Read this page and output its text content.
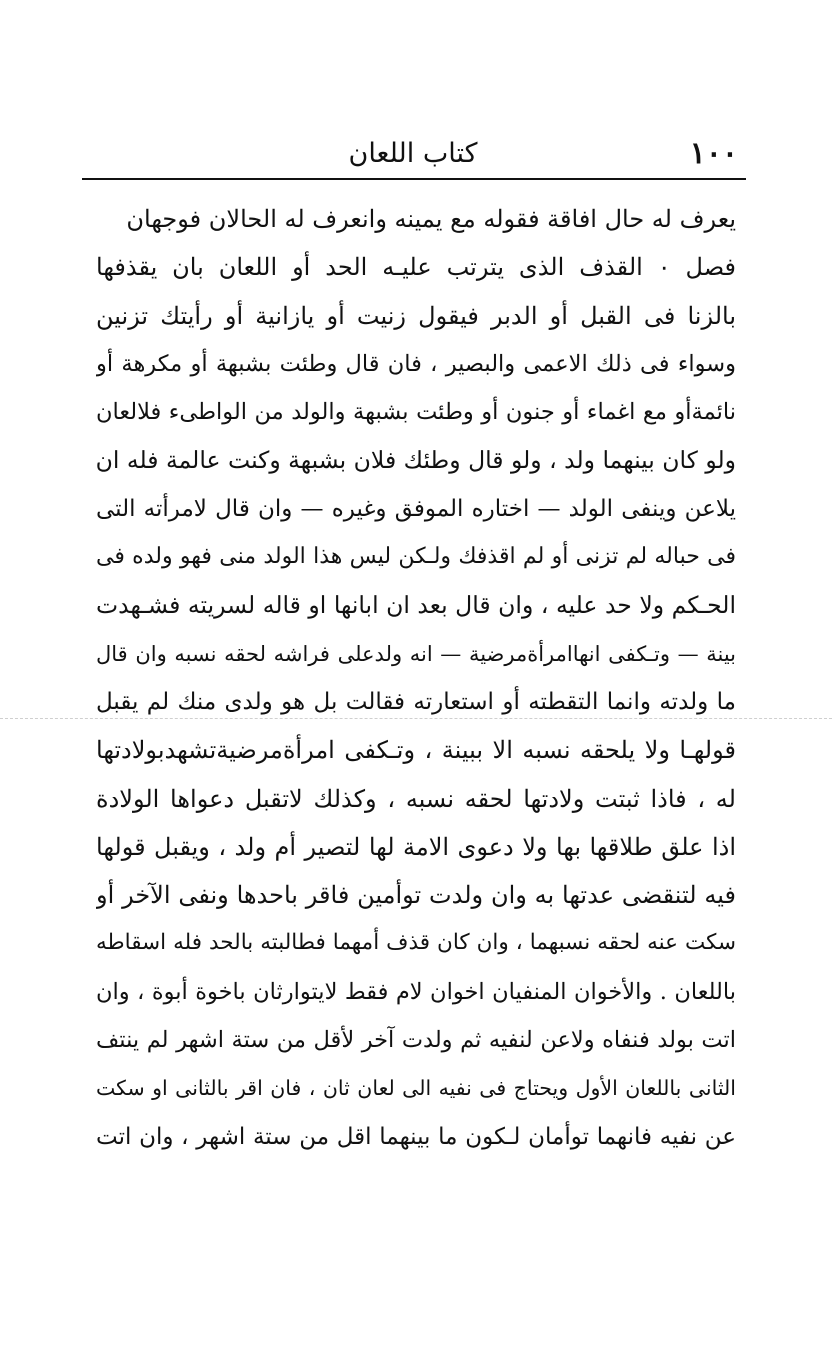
١٠٠
كتاب اللعان
يعرف له حال افاقة فقوله مع يمينه وانعرف له الحالان فوجهان
فصل ۰ القذف الذى يترتب عليـه الحد أو اللعان بان يقذفها
بالزنا فى القبل أو الدبر فيقول زنيت أو يازانية أو رأيتك تزنين
وسواء فى ذلك الاعمى والبصير ، فان قال وطئت بشبهة أو مكرهة أو
نائمةأو مع اغماء أو جنون أو وطئت بشبهة والولد من الواطىء فلالعان
ولو كان بينهما ولد ، ولو قال وطئك فلان بشبهة وكنت عالمة فله ان
يلاعن وينفى الولد — اختاره الموفق وغيره — وان قال لامرأته التى
فى حباله لم تزنى أو لم اقذفك ولـكن ليس هذا الولد منى فهو ولده فى
الحـكم ولا حد عليه ، وان قال بعد ان ابانها او قاله لسريته فشـهدت
بينة — وتـكفى انهاامرأةمرضية — انه ولدعلى فراشه لحقه نسبه وان قال
ما ولدته وانما التقطته أو استعارته فقالت بل هو ولدى منك لم يقبل
قولهـا ولا يلحقه نسبه الا ببينة ، وتـكفى امرأةمرضيةتشهدبولادتها
له ، فاذا ثبتت ولادتها لحقه نسبه ، وكذلك لاتقبل دعواها الولادة
اذا علق طلاقها بها ولا دعوى الامة لها لتصير أم ولد ، ويقبل قولها
فيه لتنقضى عدتها به وان ولدت توأمين فاقر باحدها ونفى الآخر أو
سكت عنه لحقه نسبهما ، وان كان قذف أمهما فطالبته بالحد فله اسقاطه
باللعان . والأخوان المنفيان اخوان لام فقط لايتوارثان باخوة أبوة ، وان
اتت بولد فنفاه ولاعن لنفيه ثم ولدت آخر لأقل من ستة اشهر لم ينتف
الثانى باللعان الأول ويحتاج فى نفيه الى لعان ثان ، فان اقر بالثانى او سكت
عن نفيه فانهما توأمان لـكون ما بينهما اقل من ستة اشهر ، وان اتت
